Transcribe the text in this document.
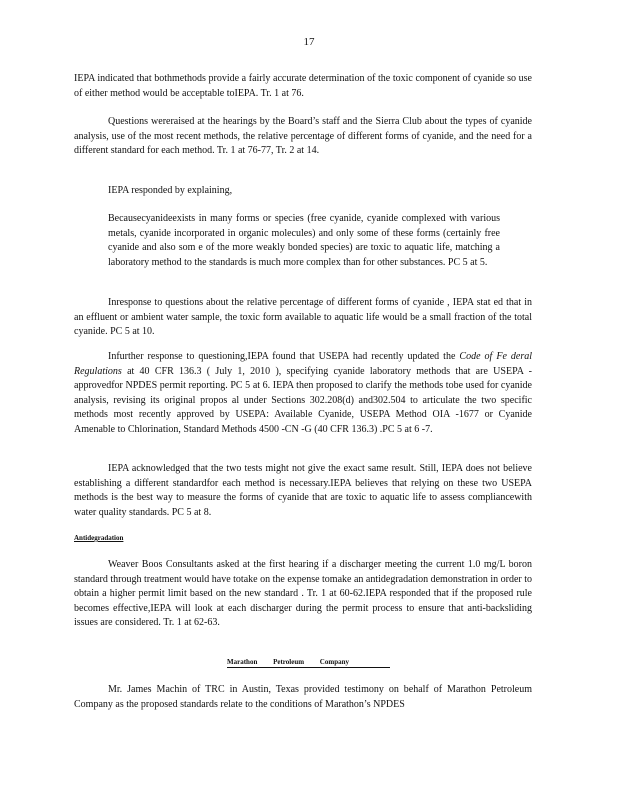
17

IEPA indicated that bothmethods provide a fairly accurate determination of the toxic component of cyanide so use of either method would be acceptable toIEPA. Tr. 1 at 76.

Questions wereraised at the hearings by the Board’s staff and the Sierra Club about the types of cyanide analysis, use of the most recent methods, the relative percentage of different forms of cyanide, and the need for a different standard for each method. Tr. 1 at 76-77, Tr. 2 at 14.

IEPA responded by explaining,

Becausecyanideexists in many forms or species (free cyanide, cyanide complexed with various metals, cyanide incorporated in organic molecules) and only some of these forms (certainly free cyanide and also som e of the more weakly bonded species) are toxic to aquatic life, matching a laboratory method to the standards is much more complex than for other substances. PC 5 at 5.

Inresponse to questions about the relative percentage of different forms of cyanide , IEPA stat ed that in an effluent or ambient water sample, the toxic form available to aquatic life would be a small fraction of the total cyanide. PC 5 at 10.

Infurther response to questioning,IEPA found that USEPA had recently updated the Code of Fe deral Regulations at 40 CFR 136.3 ( July 1, 2010 ), specifying cyanide laboratory methods that are USEPA -approvedfor NPDES permit reporting. PC 5 at 6. IEPA then proposed to clarify the methods tobe used for cyanide analysis, revising its original propos al under Sections 302.208(d) and302.504 to articulate the two specific methods most recently approved by USEPA: Available Cyanide, USEPA Method OIA -1677 or Cyanide Amenable to Chlorination, Standard Methods 4500 -CN -G (40 CFR 136.3) .PC 5 at 6 -7.

IEPA acknowledged that the two tests might not give the exact same result. Still, IEPA does not believe establishing a different standardfor each method is necessary.IEPA believes that relying on these two USEPA methods is the best way to measure the forms of cyanide that are toxic to aquatic life to assess compliancewith water quality standards. PC 5 at 8.

Antidegradation

Weaver Boos Consultants asked at the first hearing if a discharger meeting the current 1.0 mg/L boron standard through treatment would have totake on the expense tomake an antidegradation demonstration in order to obtain a higher permit limit based on the new standard . Tr. 1 at 60-62.IEPA responded that if the proposed rule becomes effective,IEPA will look at each discharger during the permit process to ensure that anti-backsliding issues are considered. Tr. 1 at 62-63.

Marathon Petroleum Company

Mr. James Machin of TRC in Austin, Texas provided testimony on behalf of Marathon Petroleum Company as the proposed standards relate to the conditions of Marathon’s NPDES
